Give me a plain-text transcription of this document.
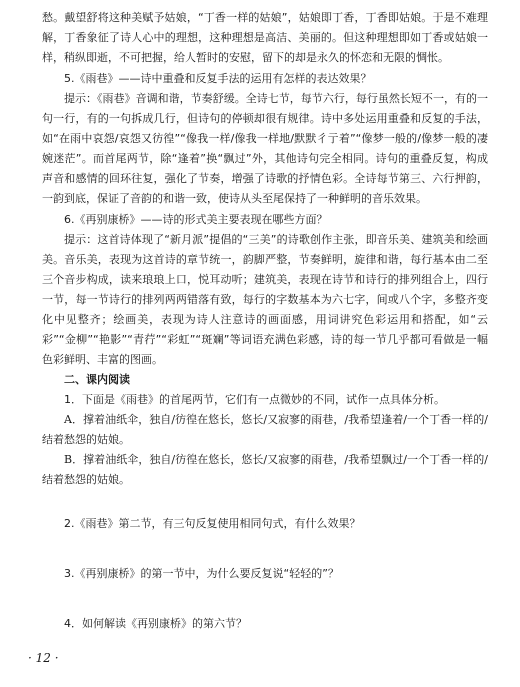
愁。戴望舒将这种美赋予姑娘，“丁香一样的姑娘”，姑娘即丁香，丁香即姑娘。于是不难理解，丁香象征了诗人心中的理想，这种理想是高洁、美丽的。但这种理想即如丁香或姑娘一样，稍纵即逝，不可把握，给人暂时的安慰，留下的却是永久的怀恋和无限的惆怅。

5.《雨巷》——诗中重叠和反复手法的运用有怎样的表达效果？

提示：《雨巷》音调和谐，节奏舒缓。全诗七节，每节六行，每行虽然长短不一，有的一句一行，有的一句拆成几行，但诗句的停顿却很有规律。诗中多处运用重叠和反复的手法，如“在雨中哀怨/哀怨又彷徨”“像我一样/像我一样地/默默彳亍着”“像梦一般的/像梦一般的凄婉迷茫”。而首尾两节，除“逢着”换“飘过”外，其他诗句完全相同。诗句的重叠反复，构成声音和感情的回环往复，强化了节奏，增强了诗歌的抒情色彩。全诗每节第三、六行押韵，一韵到底，保证了音韵的和谐一致，使诗从头至尾保持了一种鲜明的音乐效果。

6.《再别康桥》——诗的形式美主要表现在哪些方面？

提示：这首诗体现了“新月派”提倡的“三美”的诗歌创作主张，即音乐美、建筑美和绘画美。音乐美，表现为这首诗的章节统一，韵脚严整，节奏鲜明，旋律和谐，每行基本由二至三个音步构成，读来琅琅上口，悦耳动听；建筑美，表现在诗节和诗行的排列组合上，四行一节，每一节诗行的排列两两错落有致，每行的字数基本为六七字，间或八个字，多整齐变化中见整齐；绘画美，表现为诗人注意诗的画面感，用词讲究色彩运用和搭配，如“云彩”“金柳”“艳影”“青荇”“彩虹”“斑斓”等词语充满色彩感，诗的每一节几乎都可看做是一幅色彩鲜明、丰富的图画。

二、课内阅读

1．下面是《雨巷》的首尾两节，它们有一点微妙的不同，试作一点具体分析。

A．撑着油纸伞，独自/彷徨在悠长，悠长/又寂寥的雨巷，/我希望逢着/一个丁香一样的/结着愁怨的姑娘。

B．撑着油纸伞，独自/彷徨在悠长，悠长/又寂寥的雨巷，/我希望飘过/一个丁香一样的/结着愁怨的姑娘。

2.《雨巷》第二节，有三句反复使用相同句式，有什么效果？

3.《再别康桥》的第一节中，为什么要反复说“轻轻的”？

4．如何解读《再别康桥》的第六节？

· 12 ·
